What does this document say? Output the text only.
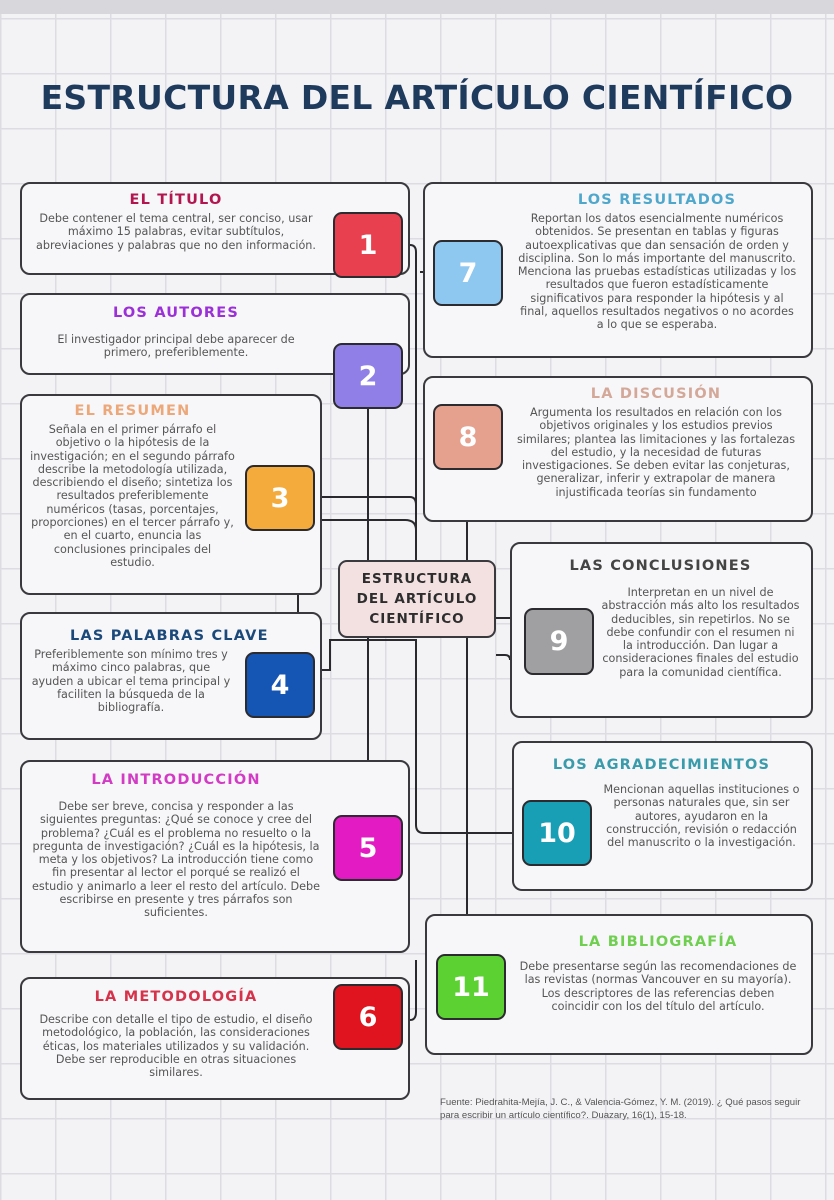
ESTRUCTURA DEL ARTÍCULO CIENTÍFICO
EL TÍTULO

Debe contener el tema central, ser conciso, usar máximo 15 palabras, evitar subtítulos, abreviaciones y palabras que no den información.	1
LOS AUTORES

El investigador principal debe aparecer de primero, preferiblemente.

2
LOS RESULTADOS

Reportan los datos esencialmente numéricos obtenidos. Se presentan en tablas y figuras autoexplicativas que dan sensación de orden y disciplina. Son lo más importante del manuscrito. Menciona las pruebas estadísticas utilizadas y los resultados que fueron estadísticamente significativos para responder la hipótesis y al final, aquellos resultados negativos o no acordes a lo que se esperaba.

7
EL RESUMEN

Señala en el primer párrafo el objetivo o la hipótesis de la investigación; en el segundo párrafo describe la metodología utilizada, describiendo el diseño; sintetiza los resultados preferiblemente numéricos (tasas, porcentajes, proporciones) en el tercer párrafo y, en el cuarto, enuncia las conclusiones principales del estudio.

3
LA DISCUSIÓN

Argumenta los resultados en relación con los objetivos originales y los estudios previos similares; plantea las limitaciones y las fortalezas del estudio, y la necesidad de futuras investigaciones. Se deben evitar las conjeturas, generalizar, inferir y extrapolar de manera injustificada teorías sin fundamento

8
ESTRUCTURA DEL ARTÍCULO CIENTÍFICO
LAS CONCLUSIONES

Interpretan en un nivel de abstracción más alto los resultados deducibles, sin repetirlos. No se debe confundir con el resumen ni la introducción. Dan lugar a consideraciones finales del estudio para la comunidad científica.

9
LAS PALABRAS CLAVE

Preferiblemente son mínimo tres y máximo cinco palabras, que ayuden a ubicar el tema principal y faciliten la búsqueda de la bibliografía.

4
LOS AGRADECIMIENTOS

Mencionan aquellas instituciones o personas naturales que, sin ser autores, ayudaron en la construcción, revisión o redacción del manuscrito o la investigación.

10
LA INTRODUCCIÓN

Debe ser breve, concisa y responder a las siguientes preguntas: ¿Qué se conoce y cree del problema? ¿Cuál es el problema no resuelto o la pregunta de investigación? ¿Cuál es la hipótesis, la meta y los objetivos? La introducción tiene como fin presentar al lector el porqué se realizó el estudio y animarlo a leer el resto del artículo. Debe escribirse en presente y tres párrafos son suficientes.

5
LA BIBLIOGRAFÍA

Debe presentarse según las recomendaciones de las revistas (normas Vancouver en su mayoría). Los descriptores de las referencias deben coincidir con los del título del artículo.

11
LA METODOLOGÍA

Describe con detalle el tipo de estudio, el diseño metodológico, la población, las consideraciones éticas, los materiales utilizados y su validación. Debe ser reproducible en otras situaciones similares.

6
Fuente: Piedrahita-Mejía, J. C., & Valencia-Gómez, Y. M. (2019). ¿ Qué pasos seguir para escribir un artículo científico?. Duazary, 16(1), 15-18.
